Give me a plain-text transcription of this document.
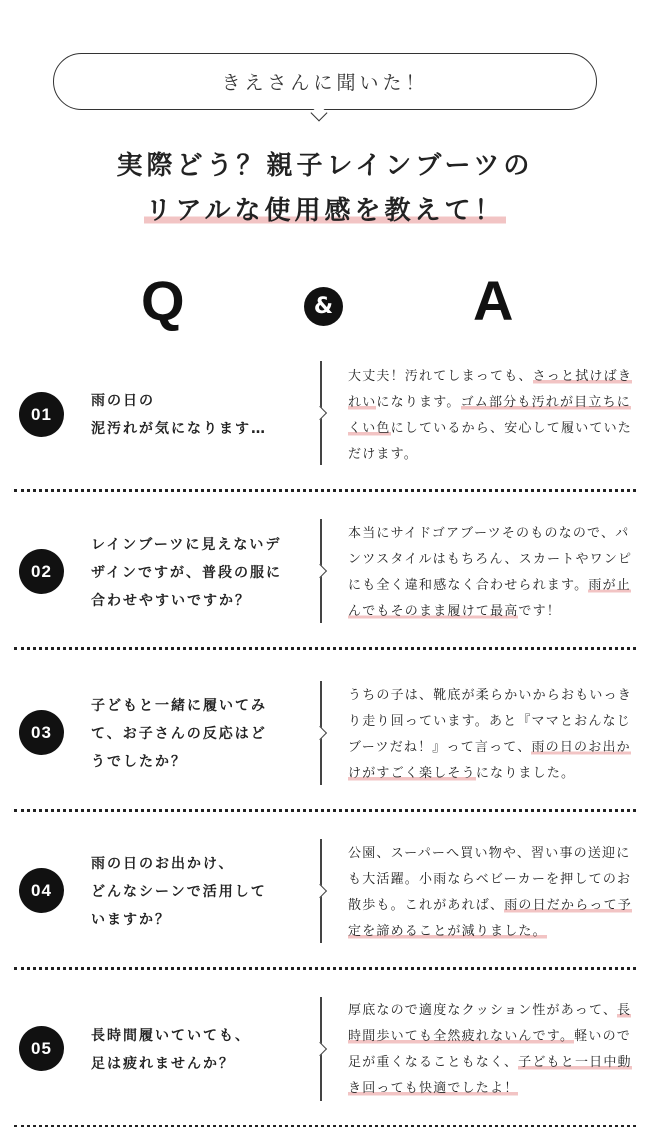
きえさんに聞いた！
実際どう？親子レインブーツの
リアルな使用感を教えて！
Q	& A
01
雨の日の
泥汚れが気になります…
大丈夫！汚れてしまっても、さっと拭けばきれいになります。ゴム部分も汚れが目立ちにくい色にしているから、安心して履いていただけます。
02
レインブーツに見えないデ
ザインですが、普段の服に
合わせやすいですか？
本当にサイドゴアブーツそのものなので、パンツスタイルはもちろん、スカートやワンピにも全く違和感なく合わせられます。雨が止んでもそのまま履けて最高です！
03
子どもと一緒に履いてみ
て、お子さんの反応はど
うでしたか？
うちの子は、靴底が柔らかいからおもいっきり走り回っています。あと『ママとおんなじブーツだね！』って言って、雨の日のお出かけがすごく楽しそうになりました。
04
雨の日のお出かけ、
どんなシーンで活用して
いますか？
公園、スーパーへ買い物や、習い事の送迎にも大活躍。小雨ならベビーカーを押してのお散歩も。これがあれば、雨の日だからって予定を諦めることが減りました。
05
長時間履いていても、
足は疲れませんか？
厚底なので適度なクッション性があって、長時間歩いても全然疲れないんです。軽いので足が重くなることもなく、子どもと一日中動き回っても快適でしたよ！
